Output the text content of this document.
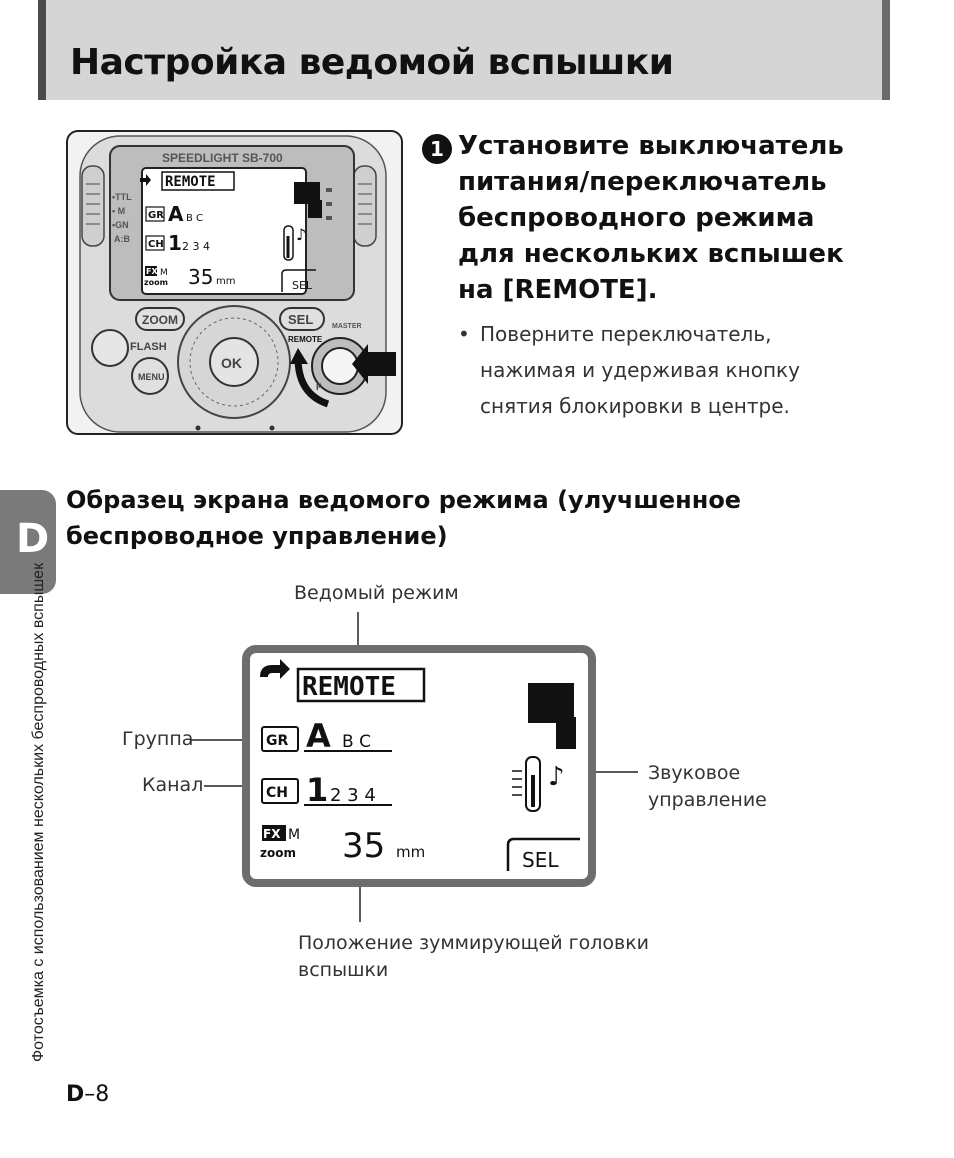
Настройка ведомой вспышки
♪
SPEEDLIGHT SB-700
REMOTE
GR A B C
CH 1 2 3 4
FX M
zoom 35 mm	SEL
•TTL
• M
•GN
A:B
ZOOM	SEL
FLASH
MENU
OK
REMOTE
MASTER
F
1 Установите выключатель питания/переключатель беспроводного режима для нескольких вспышек на [REMOTE].
• Поверните переключатель, нажимая и удерживая кнопку снятия блокировки в центре.
D
Фотосъемка с использованием нескольких беспроводных вспышек
Образец экрана ведомого режима (улучшенное беспроводное управление)
Ведомый режим
Группа
Канал
Звуковое
управление
Положение зуммирующей головки
вспышки
REMOTE
GR A B C
CH 1 2 3 4
FX M
zoom 35 mm	SEL
♪
D–8
